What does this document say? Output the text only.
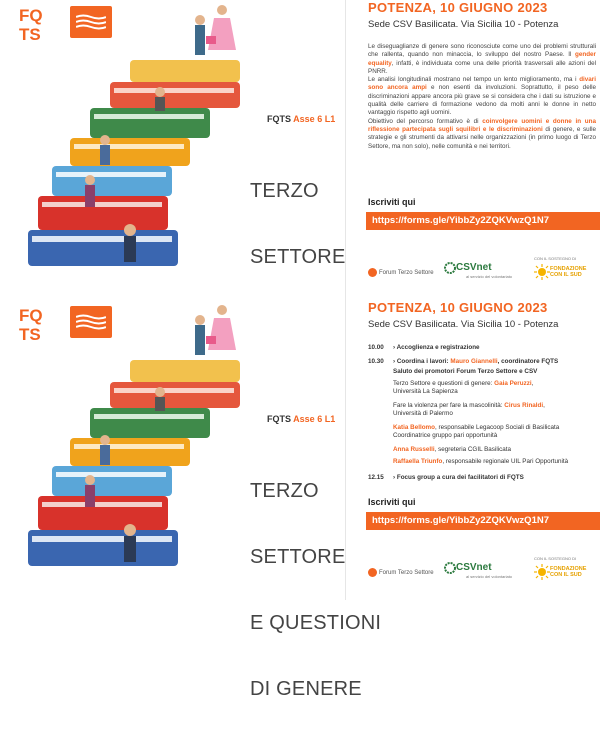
FQ
TS
FQTS Asse 6 L1

TERZO

SETTORE

POTENZA, 10 GIUGNO 2023
Sede CSV Basilicata. Via Sicilia 10 - Potenza

Le diseguaglianze di genere sono riconosciute come uno dei problemi strutturali che rallenta, quando non minaccia, lo sviluppo del nostro Paese. Il gender equality, infatti, è individuata come una delle priorità trasversali alle azioni del PNRR.

Le analisi longitudinali mostrano nel tempo un lento miglioramento, ma i divari sono ancora ampi e non esenti da involuzioni. Soprattutto, il peso delle discriminazioni appare ancora più grave se si considera che i dati su istruzione e qualità delle carriere di formazione vedono da molti anni le donne in netto vantaggio rispetto agli uomini.

Obiettivo del percorso formativo è di coinvolgere uomini e donne in una riflessione partecipata sugli squilibri e le discriminazioni di genere, e sulle strategie e gli strumenti da attivarsi nelle organizzazioni (in primo luogo di Terzo Settore, ma non solo), nelle comunità e nei territori.

Iscriviti qui
https://forms.gle/YibbZy2ZQKVwzQ1N7
Forum Terzo Settore
CSVnet
al servizio del volontariato
CON IL SOSTEGNO DI
FONDAZIONE CON IL SUD
FQ
TS
FQTS Asse 6 L1

TERZO

SETTORE

E QUESTIONI

DI GENERE

POTENZA, 10 GIUGNO 2023
Sede CSV Basilicata. Via Sicilia 10 - Potenza
10.00 › Accoglienza e registrazione
10.30 › Coordina i lavori: Mauro Giannelli, coordinatore FQTS
Saluto dei promotori Forum Terzo Settore e CSV
Terzo Settore e questioni di genere: Gaia Peruzzi,
Università La Sapienza
Fare la violenza per fare la mascolinità: Cirus Rinaldi,
Università di Palermo
Katia Bellomo, responsabile Legacoop Sociali di Basilicata
Coordinatrice gruppo pari opportunità
Anna Russelli, segreteria CGIL Basilicata
Raffaella Triunfo, responsabile regionale UIL Pari Opportunità
12.15 › Focus group a cura dei facilitatori di FQTS
Iscriviti qui
https://forms.gle/YibbZy2ZQKVwzQ1N7
Forum Terzo Settore
CSVnet
al servizio del volontariato
CON IL SOSTEGNO DI
FONDAZIONE CON IL SUD
